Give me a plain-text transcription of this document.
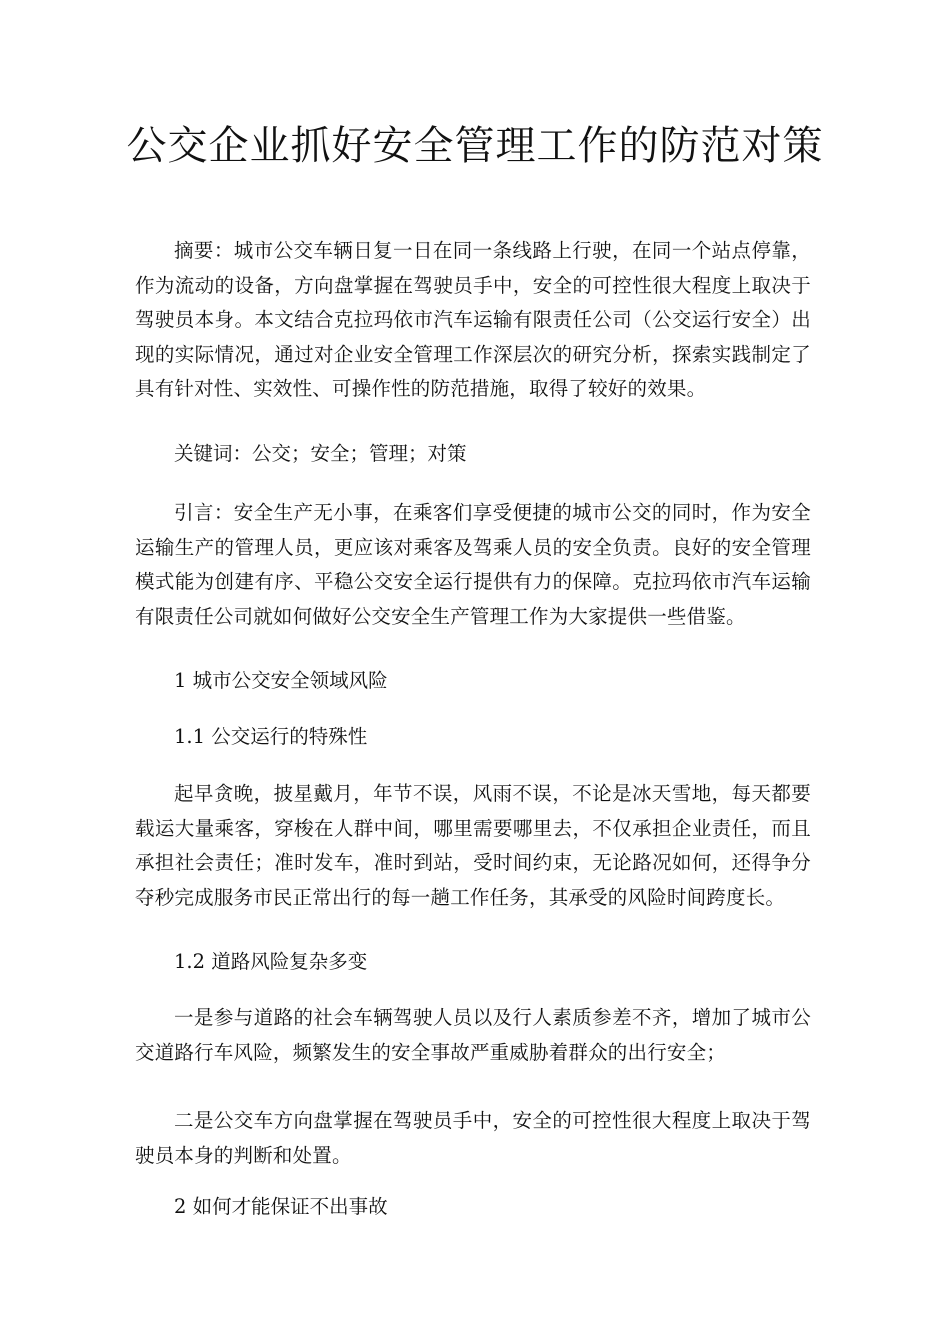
公交企业抓好安全管理工作的防范对策

摘要：城市公交车辆日复一日在同一条线路上行驶，在同一个站点停靠，作为流动的设备，方向盘掌握在驾驶员手中，安全的可控性很大程度上取决于驾驶员本身。本文结合克拉玛依市汽车运输有限责任公司（公交运行安全）出现的实际情况，通过对企业安全管理工作深层次的研究分析，探索实践制定了具有针对性、实效性、可操作性的防范措施，取得了较好的效果。

关键词：公交；安全；管理；对策

引言：安全生产无小事，在乘客们享受便捷的城市公交的同时，作为安全运输生产的管理人员，更应该对乘客及驾乘人员的安全负责。良好的安全管理模式能为创建有序、平稳公交安全运行提供有力的保障。克拉玛依市汽车运输有限责任公司就如何做好公交安全生产管理工作为大家提供一些借鉴。

1 城市公交安全领域风险

1.1 公交运行的特殊性

起早贪晚，披星戴月，年节不误，风雨不误，不论是冰天雪地，每天都要载运大量乘客，穿梭在人群中间，哪里需要哪里去，不仅承担企业责任，而且承担社会责任；准时发车，准时到站，受时间约束，无论路况如何，还得争分夺秒完成服务市民正常出行的每一趟工作任务，其承受的风险时间跨度长。

1.2 道路风险复杂多变

一是参与道路的社会车辆驾驶人员以及行人素质参差不齐，增加了城市公交道路行车风险，频繁发生的安全事故严重威胁着群众的出行安全；

二是公交车方向盘掌握在驾驶员手中，安全的可控性很大程度上取决于驾驶员本身的判断和处置。

2 如何才能保证不出事故
